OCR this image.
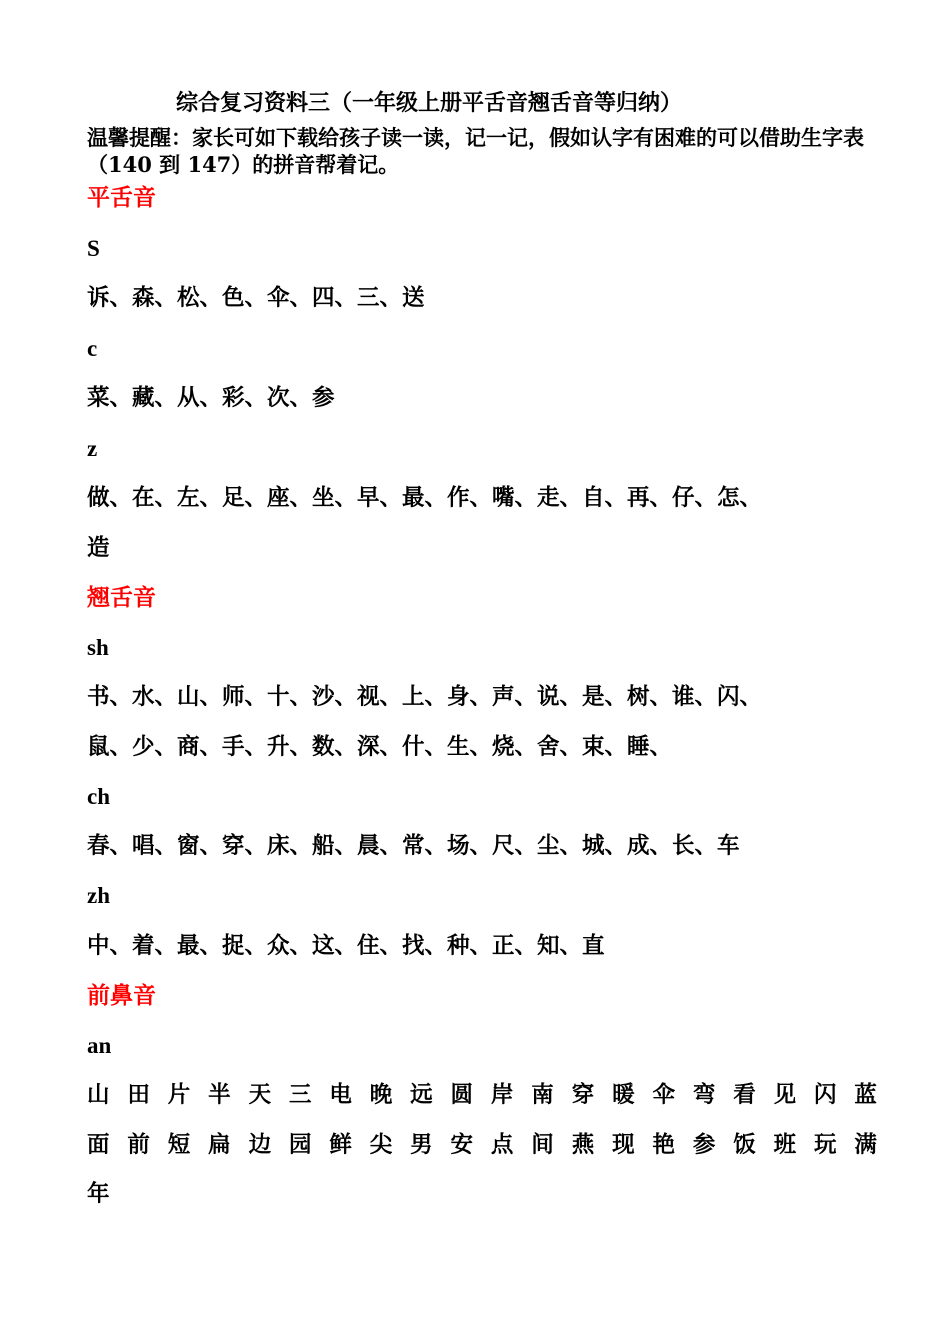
综合复习资料三（一年级上册平舌音翘舌音等归纳）
温馨提醒：家长可如下载给孩子读一读，记一记，假如认字有困难的可以借助生字表（140 到 147）的拼音帮着记。
平舌音
S
诉、森、松、色、伞、四、三、送
c
菜、藏、从、彩、次、参
z
做、在、左、足、座、坐、早、最、作、嘴、走、自、再、仔、怎、
造
翘舌音
sh
书、水、山、师、十、沙、视、上、身、声、说、是、树、谁、闪、
鼠、少、商、手、升、数、深、什、生、烧、舍、束、睡、
ch
春、唱、窗、穿、床、船、晨、常、场、尺、尘、城、成、长、车
zh
中、着、最、捉、众、这、住、找、种、正、知、直
前鼻音
an
山 田 片 半 天 三 电 晚 远 圆 岸 南 穿 暖 伞 弯 看 见 闪 蓝
面 前 短 扁 边 园 鲜 尖 男 安 点 间 燕 现 艳 参 饭 班 玩 满
年
